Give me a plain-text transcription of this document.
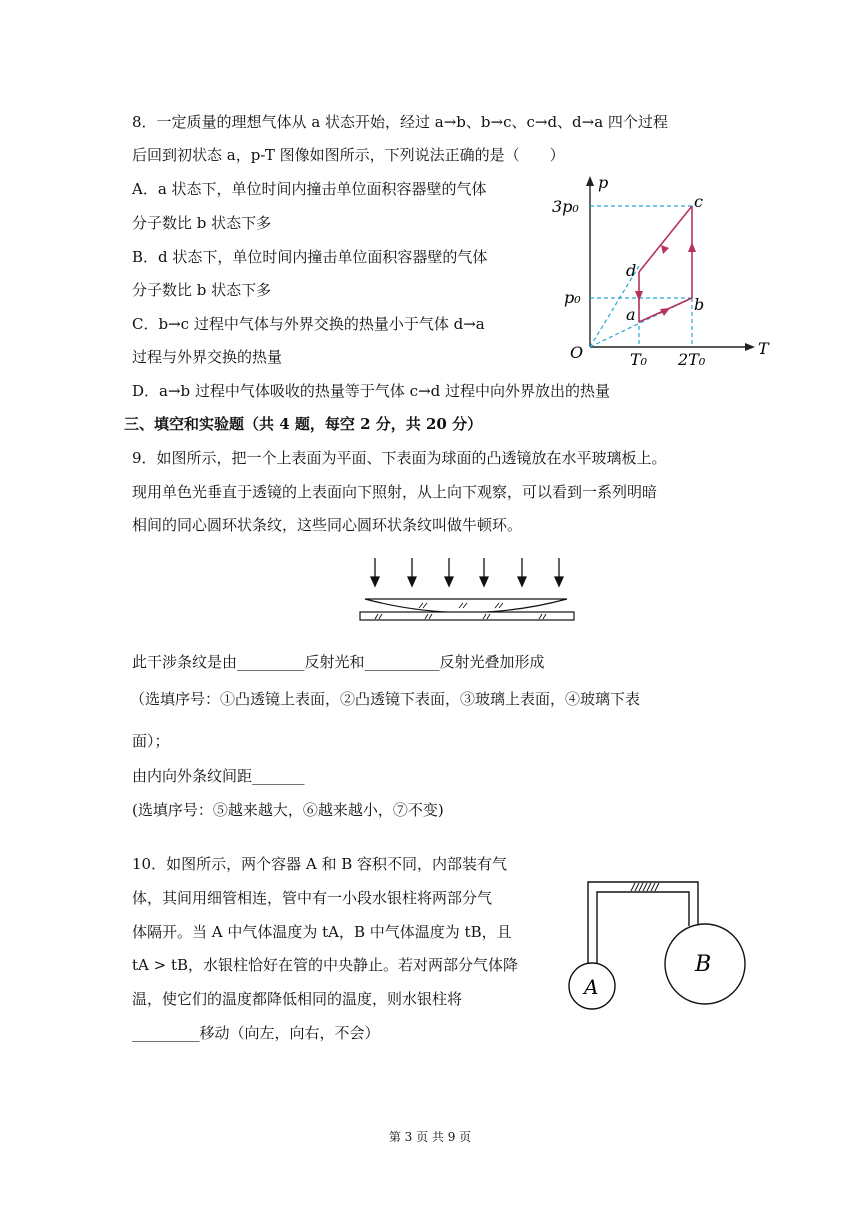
8．一定质量的理想气体从 a 状态开始，经过 a→b、b→c、c→d、d→a 四个过程
后回到初状态 a，p-T 图像如图所示，下列说法正确的是（　　）
A．a 状态下，单位时间内撞击单位面积容器壁的气体
分子数比 b 状态下多
B．d 状态下，单位时间内撞击单位面积容器壁的气体
分子数比 b 状态下多
C．b→c 过程中气体与外界交换的热量小于气体 d→a
过程与外界交换的热量
D．a→b 过程中气体吸收的热量等于气体 c→d 过程中向外界放出的热量
p
T
O
3p₀
p₀
T₀ 2T₀
a
b
c
d
三、填空和实验题（共 4 题，每空 2 分，共 20 分）
9．如图所示，把一个上表面为平面、下表面为球面的凸透镜放在水平玻璃板上。
现用单色光垂直于透镜的上表面向下照射，从上向下观察，可以看到一系列明暗
相间的同心圆环状条纹，这些同心圆环状条纹叫做牛顿环。
此干涉条纹是由_________反射光和__________反射光叠加形成
（选填序号：①凸透镜上表面，②凸透镜下表面，③玻璃上表面，④玻璃下表
面）；
由内向外条纹间距_______
(选填序号：⑤越来越大，⑥越来越小，⑦不变)
10．如图所示，两个容器 A 和 B 容积不同，内部装有气
体，其间用细管相连，管中有一小段水银柱将两部分气
体隔开。当 A 中气体温度为 tA，B 中气体温度为 tB，且
tA > tB，水银柱恰好在管的中央静止。若对两部分气体降
温，使它们的温度都降低相同的温度，则水银柱将
_________移动（向左，向右，不会）
A
B
第 3 页 共 9 页
